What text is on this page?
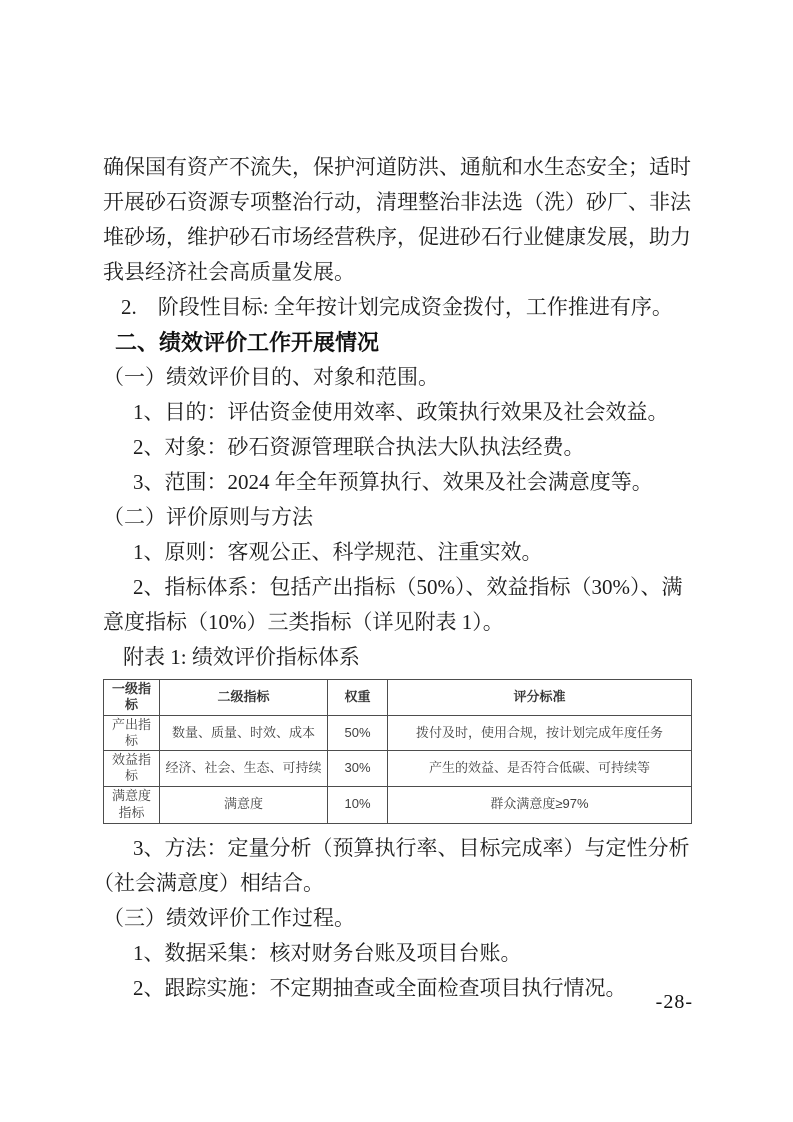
确保国有资产不流失，保护河道防洪、通航和水生态安全；适时
开展砂石资源专项整治行动，清理整治非法选（洗）砂厂、非法
堆砂场，维护砂石市场经营秩序，促进砂石行业健康发展，助力
我县经济社会高质量发展。
2.　阶段性目标: 全年按计划完成资金拨付，工作推进有序。
二、绩效评价工作开展情况
（一）绩效评价目的、对象和范围。
1、目的：评估资金使用效率、政策执行效果及社会效益。
2、对象：砂石资源管理联合执法大队执法经费。
3、范围：2024 年全年预算执行、效果及社会满意度等。
（二）评价原则与方法
1、原则：客观公正、科学规范、注重实效。
2、指标体系：包括产出指标（50%）、效益指标（30%）、满
意度指标（10%）三类指标（详见附表 1）。
附表 1: 绩效评价指标体系
一级指标	二级指标	权重	评分标准
产出指标	数量、质量、时效、成本	50%	拨付及时，使用合规，按计划完成年度任务
效益指标	经济、社会、生态、可持续	30%	产生的效益、是否符合低碳、可持续等
满意度指标	满意度	10%	群众满意度≥97%
3、方法：定量分析（预算执行率、目标完成率）与定性分析
（社会满意度）相结合。
（三）绩效评价工作过程。
1、数据采集：核对财务台账及项目台账。
2、跟踪实施：不定期抽查或全面检查项目执行情况。
-28-
